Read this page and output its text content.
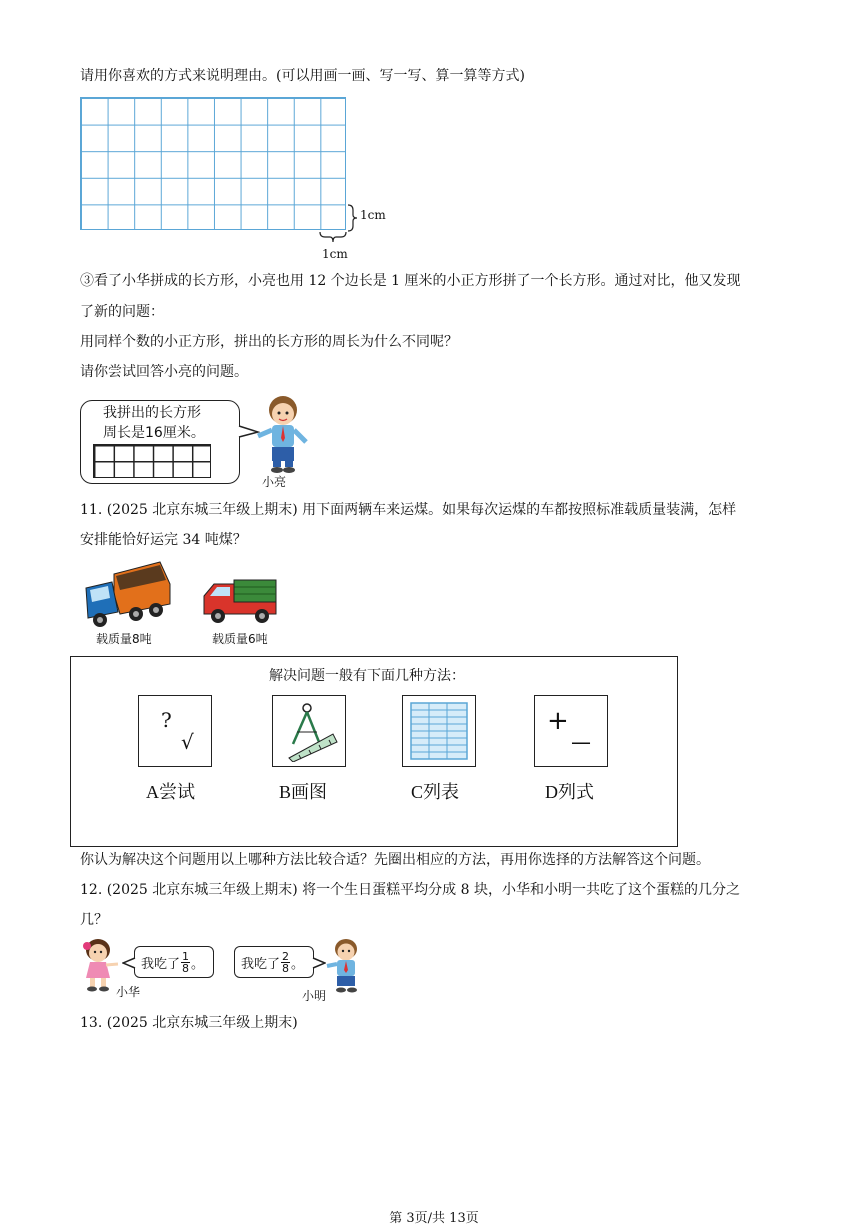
请用你喜欢的方式来说明理由。(可以用画一画、写一写、算一算等方式)
1cm
1cm
③看了小华拼成的长方形，小亮也用 12 个边长是 1 厘米的小正方形拼了一个长方形。通过对比，他又发现
了新的问题：
用同样个数的小正方形，拼出的长方形的周长为什么不同呢？
请你尝试回答小亮的问题。
我拼出的长方形
周长是16厘米。
小亮
11. (2025 北京东城三年级上期末) 用下面两辆车来运煤。如果每次运煤的车都按照标准载质量装满，怎样
安排能恰好运完 34 吨煤？
载质量8吨	载质量6吨
解决问题一般有下面几种方法：
?
√
A尝试	B画图	C列表
+
—
D列式
你认为解决这个问题用以上哪种方法比较合适？先圈出相应的方法，再用你选择的方法解答这个问题。
12. (2025 北京东城三年级上期末) 将一个生日蛋糕平均分成 8 块，小华和小明一共吃了这个蛋糕的几分之
几？
小华
我吃了 $\frac{1}{8}$ 。	我吃了 $\frac{2}{8}$ 。
小明
13. (2025 北京东城三年级上期末)
第 3页/共 13页
